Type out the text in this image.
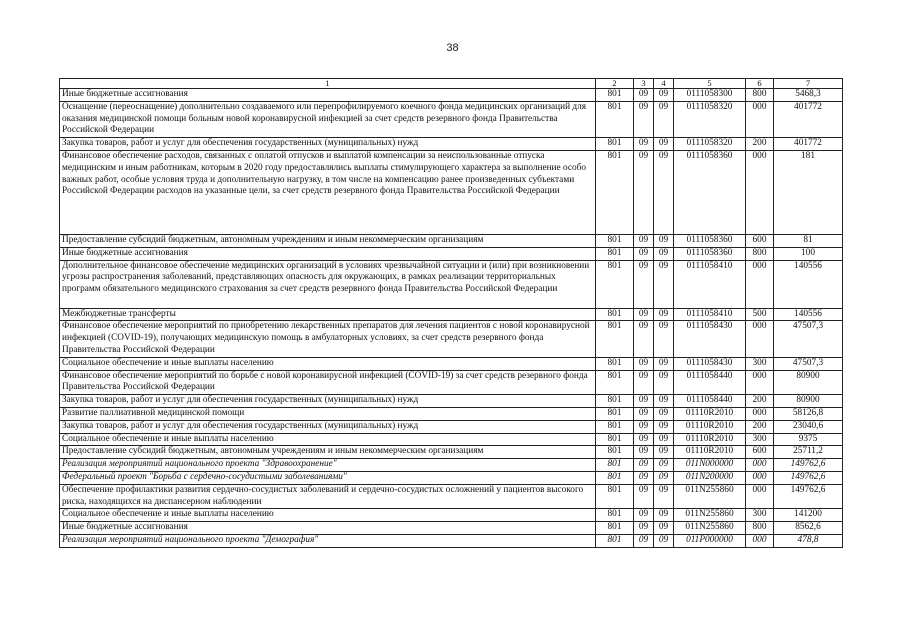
38
1	2	3	4	5	6	7
Иные бюджетные ассигнования	801	09	09	0111058300	800	5468,3
Оснащение (переоснащение) дополнительно создаваемого или перепрофилируемого коечного фонда медицинских организаций для оказания медицинской помощи больным новой коронавирусной инфекцией за счет средств резервного фонда Правительства Российской Федерации	801	09	09	0111058320	000	401772
Закупка товаров, работ и услуг для обеспечения государственных (муниципальных) нужд	801	09	09	0111058320	200	401772
Финансовое обеспечение расходов, связанных с оплатой отпусков и выплатой компенсации за неиспользованные отпуска медицинским и иным работникам, которым в 2020 году предоставлялись выплаты стимулирующего характера за выполнение особо важных работ, особые условия труда и дополнительную нагрузку, в том числе на компенсацию ранее произведенных субъектами Российской Федерации расходов на указанные цели, за счет средств резервного фонда Правительства Российской Федерации	801	09	09	0111058360	000	181
Предоставление субсидий бюджетным, автономным учреждениям и иным некоммерческим организациям	801	09	09	0111058360	600	81
Иные бюджетные ассигнования	801	09	09	0111058360	800	100
Дополнительное финансовое обеспечение медицинских организаций в условиях чрезвычайной ситуации и (или) при возникновении угрозы распространения заболеваний, представляющих опасность для окружающих, в рамках реализации территориальных программ обязательного медицинского страхования за счет средств резервного фонда Правительства Российской Федерации	801	09	09	0111058410	000	140556
Межбюджетные трансферты	801	09	09	0111058410	500	140556
Финансовое обеспечение мероприятий по приобретению лекарственных препаратов для лечения пациентов с новой коронавирусной инфекцией (COVID-19), получающих медицинскую помощь в амбулаторных условиях, за счет средств резервного фонда Правительства Российской Федерации	801	09	09	0111058430	000	47507,3
Социальное обеспечение и иные выплаты населению	801	09	09	0111058430	300	47507,3
Финансовое обеспечение мероприятий по борьбе с новой коронавирусной инфекцией (COVID-19) за счет средств резервного фонда Правительства Российской Федерации	801	09	09	0111058440	000	80900
Закупка товаров, работ и услуг для обеспечения государственных (муниципальных) нужд	801	09	09	0111058440	200	80900
Развитие паллиативной медицинской помощи	801	09	09	01110R2010	000	58126,8
Закупка товаров, работ и услуг для обеспечения государственных (муниципальных) нужд	801	09	09	01110R2010	200	23040,6
Социальное обеспечение и иные выплаты населению	801	09	09	01110R2010	300	9375
Предоставление субсидий бюджетным, автономным учреждениям и иным некоммерческим организациям	801	09	09	01110R2010	600	25711,2
Реализация мероприятий национального проекта "Здравоохранение"	801	09	09	011N000000	000	149762,6
Федеральный проект "Борьба с сердечно-сосудистыми заболеваниями"	801	09	09	011N200000	000	149762,6
Обеспечение профилактики развития сердечно-сосудистых заболеваний и сердечно-сосудистых осложнений у пациентов высокого риска, находящихся на диспансерном наблюдении	801	09	09	011N255860	000	149762,6
Социальное обеспечение и иные выплаты населению	801	09	09	011N255860	300	141200
Иные бюджетные ассигнования	801	09	09	011N255860	800	8562,6
Реализация мероприятий национального проекта "Демография"	801	09	09	011P000000	000	478,8
